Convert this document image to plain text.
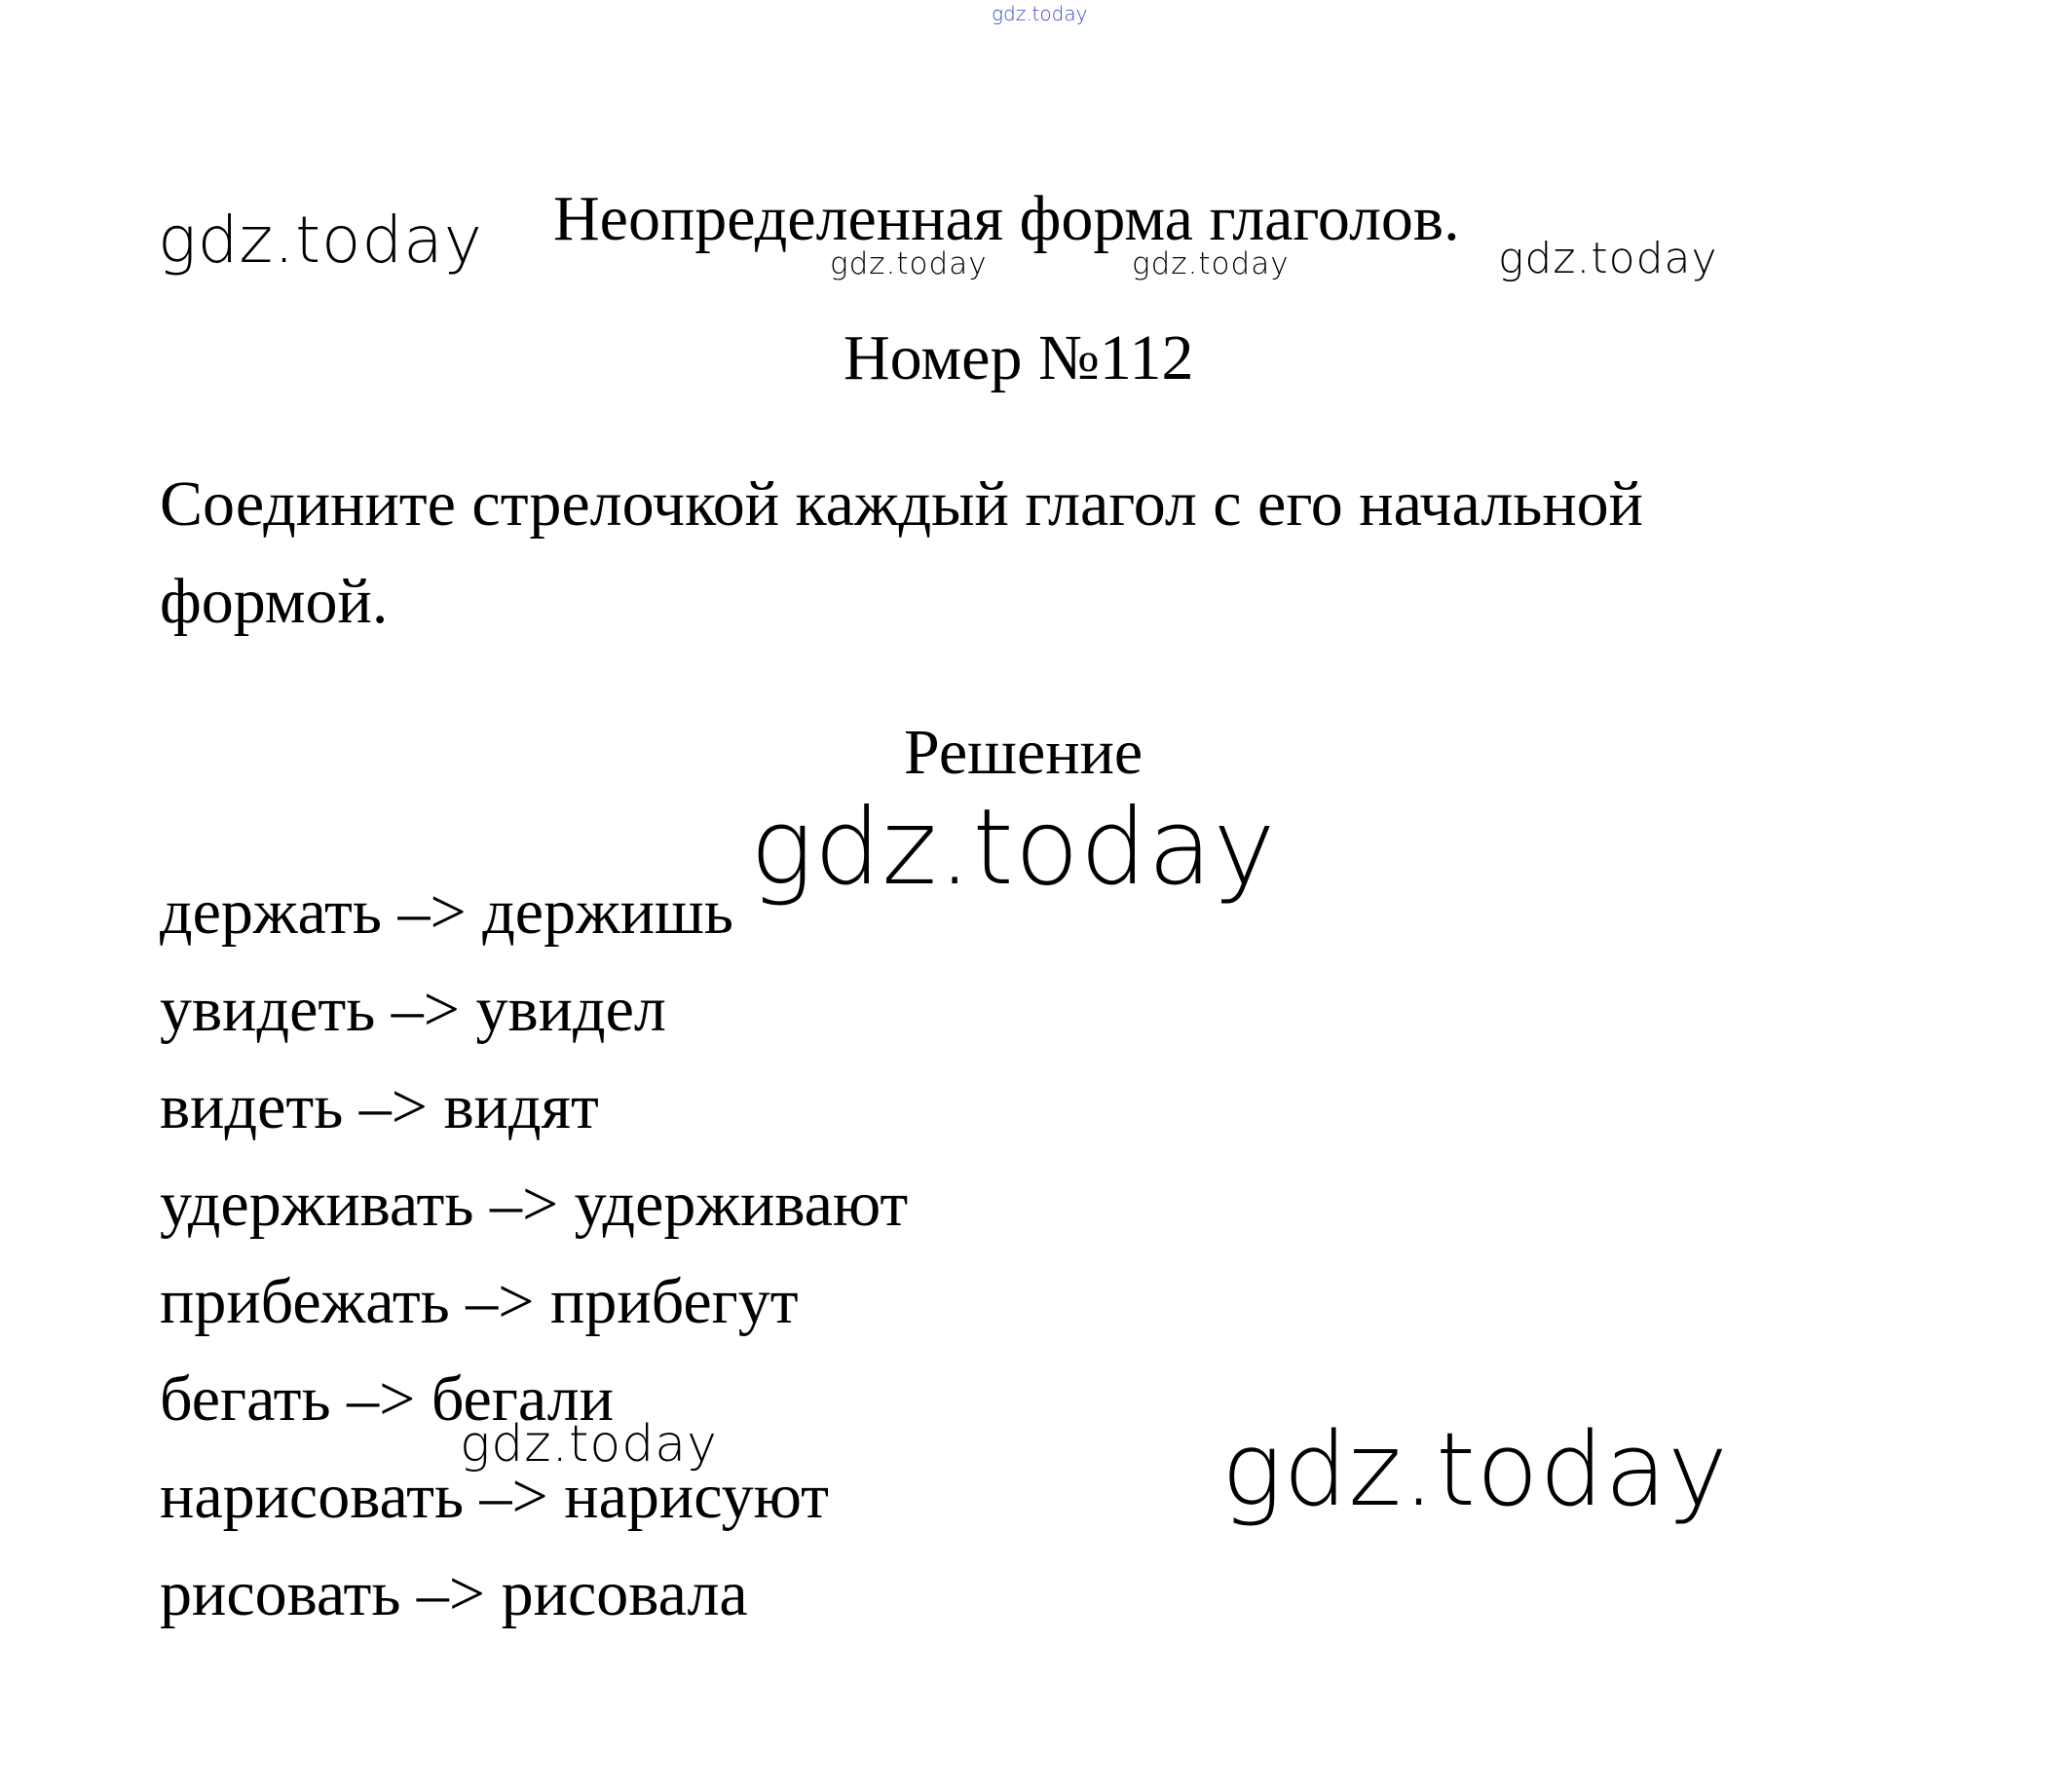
gdz.today
gdz.today Неопределенная форма глаголов.
gdz.today	gdz.today	gdz.today
Номер №112

Соедините стрелочкой каждый глагол с его начальной формой.

Решение
держать –> держишь
увидеть –> увидел
видеть –> видят
удерживать –> удерживают
прибежать –> прибегут
бегать –> бегали
нарисовать –> нарисуют
рисовать –> рисовала
gdz.today
gdz.today	gdz.today
